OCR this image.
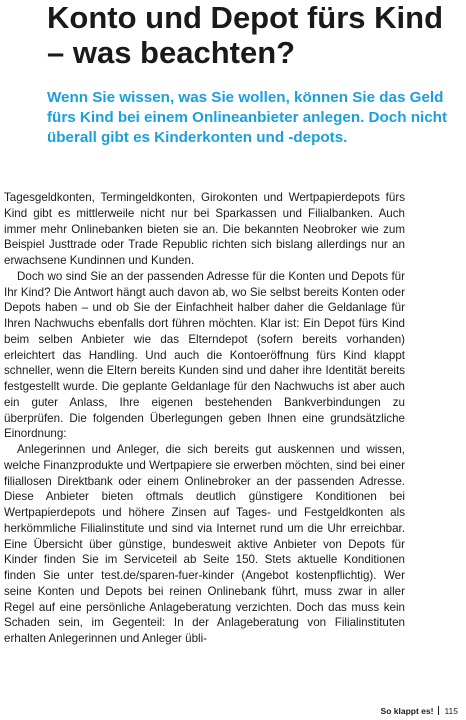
Konto und Depot fürs Kind – was beachten?

Wenn Sie wissen, was Sie wollen, können Sie das Geld fürs Kind bei einem Onlineanbieter anlegen. Doch nicht überall gibt es Kinderkonten und -depots.

Tagesgeldkonten, Termingeldkonten, Girokonten und Wertpapierdepots fürs Kind gibt es mittlerweile nicht nur bei Sparkassen und Filialbanken. Auch immer mehr Onlinebanken bieten sie an. Die bekannten Neobroker wie zum Beispiel Justtrade oder Trade Republic richten sich bislang allerdings nur an erwachsene Kundinnen und Kunden.

Doch wo sind Sie an der passenden Adresse für die Konten und Depots für Ihr Kind? Die Antwort hängt auch davon ab, wo Sie selbst bereits Konten oder Depots haben – und ob Sie der Einfachheit halber daher die Geldanlage für Ihren Nachwuchs ebenfalls dort führen möchten. Klar ist: Ein Depot fürs Kind beim selben Anbieter wie das Elterndepot (sofern bereits vorhanden) erleichtert das Handling. Und auch die Kontoeröffnung fürs Kind klappt schneller, wenn die Eltern bereits Kunden sind und daher ihre Identität bereits festgestellt wurde. Die geplante Geldanlage für den Nachwuchs ist aber auch ein guter Anlass, Ihre eigenen bestehenden Bankverbindungen zu überprüfen. Die folgenden Überlegungen geben Ihnen eine grundsätzliche Einordnung:

Anlegerinnen und Anleger, die sich bereits gut auskennen und wissen, welche Finanzprodukte und Wertpapiere sie erwerben möchten, sind bei einer filiallosen Direktbank oder einem Onlinebroker an der passenden Adresse. Diese Anbieter bieten oftmals deutlich günstigere Konditionen bei Wertpapierdepots und höhere Zinsen auf Tages- und Festgeldkonten als herkömmliche Filialinstitute und sind via Internet rund um die Uhr erreichbar. Eine Übersicht über günstige, bundesweit aktive Anbieter von Depots für Kinder finden Sie im Serviceteil ab Seite 150. Stets aktuelle Konditionen finden Sie unter test.de/sparen-fuer-kinder (Angebot kostenpflichtig). Wer seine Konten und Depots bei reinen Onlinebank führt, muss zwar in aller Regel auf eine persönliche Anlageberatung verzichten. Doch das muss kein Schaden sein, im Gegenteil: In der Anlageberatung von Filialinstituten erhalten Anlegerinnen und Anleger übli-

So klappt es! 115
